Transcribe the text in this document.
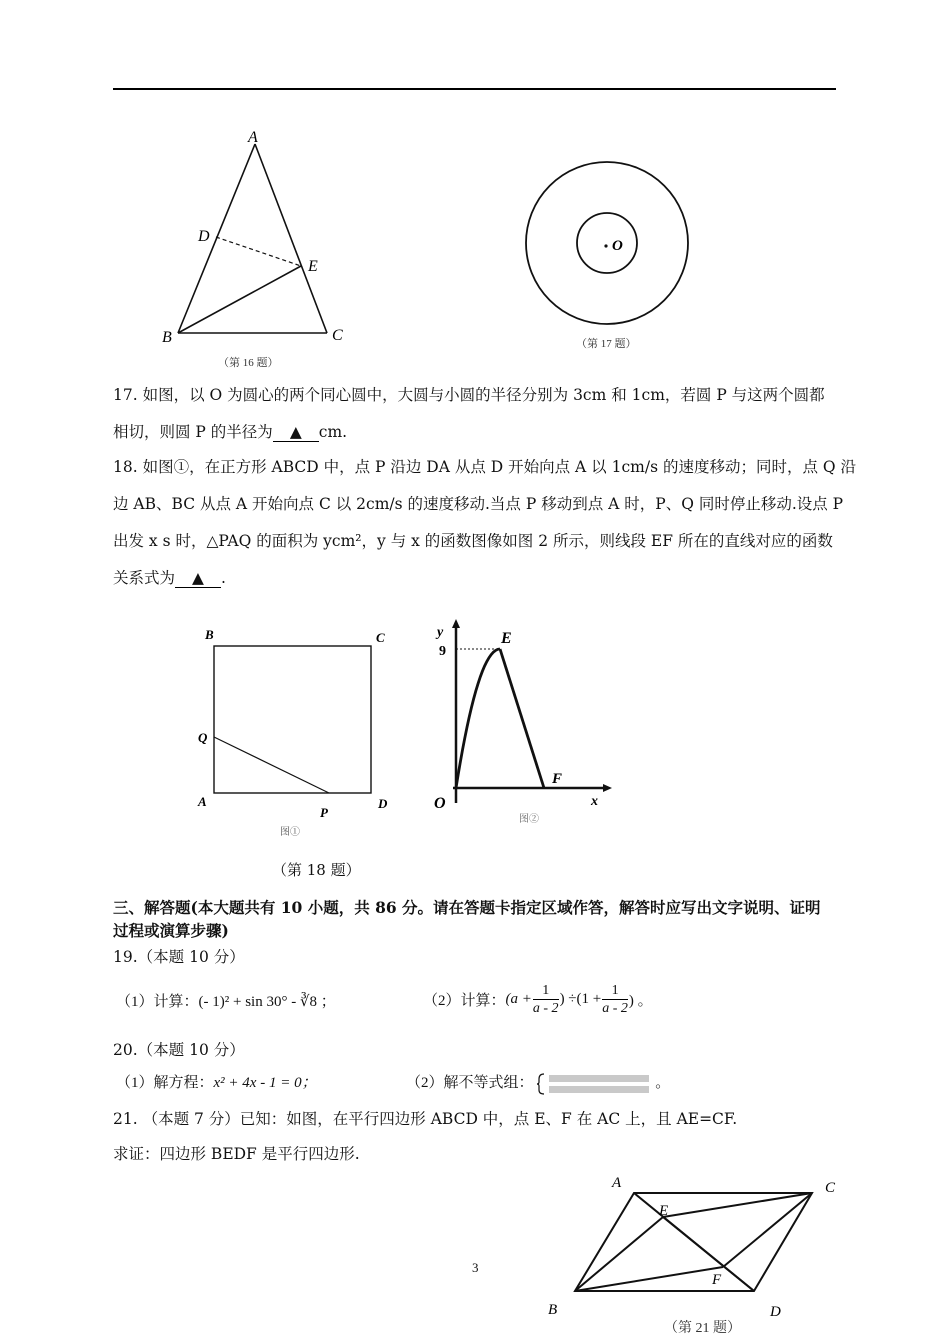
A
D
E
B	C
（第 16 题）
O
（第 17 题）
17. 如图，以 O 为圆心的两个同心圆中，大圆与小圆的半径分别为 3cm 和 1cm，若圆 P 与这两个圆都
相切，则圆 P 的半径为 ▲ cm.
18. 如图①，在正方形 ABCD 中，点 P 沿边 DA 从点 D 开始向点 A 以 1cm/s 的速度移动；同时，点 Q 沿
边 AB、BC 从点 A 开始向点 C 以 2cm/s 的速度移动.当点 P 移动到点 A 时，P、Q 同时停止移动.设点 P
出发 x s 时，△PAQ 的面积为 ycm²，y 与 x 的函数图像如图 2 所示，则线段 EF 所在的直线对应的函数
关系式为 ▲ .
B	C
Q
A
P
D
图①
y
9
E
F
O	x
图②
（第 18 题）
三、解答题(本大题共有 10 小题，共 86 分。请在答题卡指定区域作答，解答时应写出文字说明、证明
过程或演算步骤)
19.（本题 10 分）
（1）计算：(- 1)² + sin 30° - ∛8 ；	（2）计算：($a + \frac{1}{a - 2}$ ) $\div(1 + \frac{1}{a - 2}$ ) 。
20.（本题 10 分）
（1）解方程：x² + 4x - 1 = 0；	（2）解不等式组：	。
21. （本题 7 分）已知：如图，在平行四边形 ABCD 中，点 E、F 在 AC 上，且 AE=CF.
求证：四边形 BEDF 是平行四边形.
A	C
E
F
B	D
（第 21 题）
3
